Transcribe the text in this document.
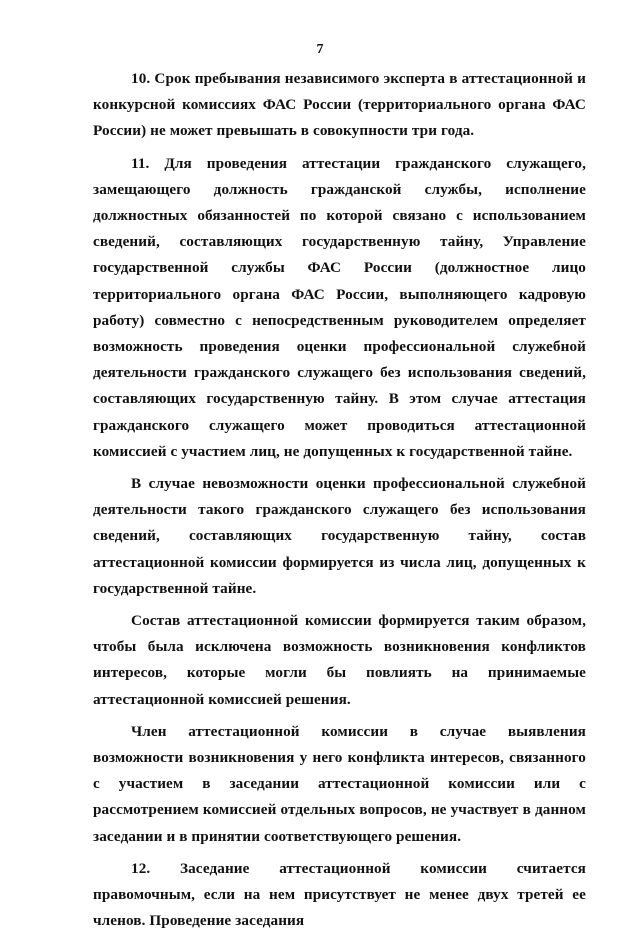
7

10. Срок пребывания независимого эксперта в аттестационной и конкурсной комиссиях ФАС России (территориального органа ФАС России) не может превышать в совокупности три года.

11. Для проведения аттестации гражданского служащего, замещающего должность гражданской службы, исполнение должностных обязанностей по которой связано с использованием сведений, составляющих государственную тайну, Управление государственной службы ФАС России (должностное лицо территориального органа ФАС России, выполняющего кадровую работу) совместно с непосредственным руководителем определяет возможность проведения оценки профессиональной служебной деятельности гражданского служащего без использования сведений, составляющих государственную тайну. В этом случае аттестация гражданского служащего может проводиться аттестационной комиссией с участием лиц, не допущенных к государственной тайне.

В случае невозможности оценки профессиональной служебной деятельности такого гражданского служащего без использования сведений, составляющих государственную тайну, состав аттестационной комиссии формируется из числа лиц, допущенных к государственной тайне.

Состав аттестационной комиссии формируется таким образом, чтобы была исключена возможность возникновения конфликтов интересов, которые могли бы повлиять на принимаемые аттестационной комиссией решения.

Член аттестационной комиссии в случае выявления возможности возникновения у него конфликта интересов, связанного с участием в заседании аттестационной комиссии или с рассмотрением комиссией отдельных вопросов, не участвует в данном заседании и в принятии соответствующего решения.

12. Заседание аттестационной комиссии считается правомочным, если на нем присутствует не менее двух третей ее членов. Проведение заседания
